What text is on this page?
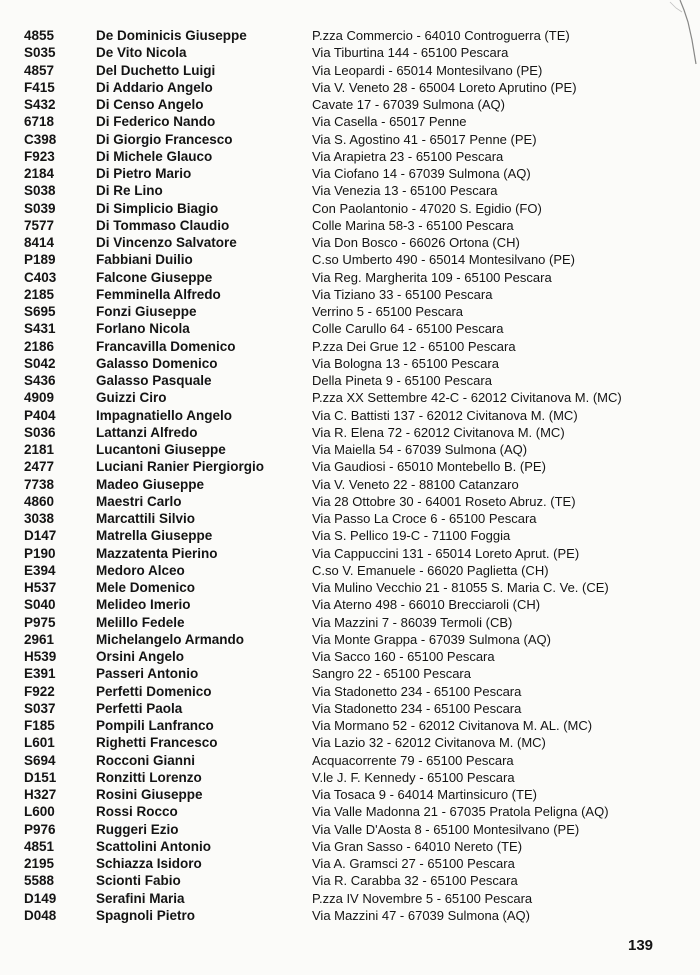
4855	De Dominicis Giuseppe	P.zza Commercio - 64010 Controguerra (TE)
S035	De Vito Nicola	Via Tiburtina 144 - 65100 Pescara
4857	Del Duchetto Luigi	Via Leopardi - 65014 Montesilvano (PE)
F415	Di Addario Angelo	Via V. Veneto 28 - 65004 Loreto Aprutino (PE)
S432	Di Censo Angelo	Cavate 17 - 67039 Sulmona (AQ)
6718	Di Federico Nando	Via Casella - 65017 Penne
C398	Di Giorgio Francesco	Via S. Agostino 41 - 65017 Penne (PE)
F923	Di Michele Glauco	Via Arapietra 23 - 65100 Pescara
2184	Di Pietro Mario	Via Ciofano 14 - 67039 Sulmona (AQ)
S038	Di Re Lino	Via Venezia 13 - 65100 Pescara
S039	Di Simplicio Biagio	Con Paolantonio - 47020 S. Egidio (FO)
7577	Di Tommaso Claudio	Colle Marina 58-3 - 65100 Pescara
8414	Di Vincenzo Salvatore	Via Don Bosco - 66026 Ortona (CH)
P189	Fabbiani Duilio	C.so Umberto 490 - 65014 Montesilvano (PE)
C403	Falcone Giuseppe	Via Reg. Margherita 109 - 65100 Pescara
2185	Femminella Alfredo	Via Tiziano 33 - 65100 Pescara
S695	Fonzi Giuseppe	Verrino 5 - 65100 Pescara
S431	Forlano Nicola	Colle Carullo 64 - 65100 Pescara
2186	Francavilla Domenico	P.zza Dei Grue 12 - 65100 Pescara
S042	Galasso Domenico	Via Bologna 13 - 65100 Pescara
S436	Galasso Pasquale	Della Pineta 9 - 65100 Pescara
4909	Guizzi Ciro	P.zza XX Settembre 42-C - 62012 Civitanova M. (MC)
P404	Impagnatiello Angelo	Via C. Battisti 137 - 62012 Civitanova M. (MC)
S036	Lattanzi Alfredo	Via R. Elena 72 - 62012 Civitanova M. (MC)
2181	Lucantoni Giuseppe	Via Maiella 54 - 67039 Sulmona (AQ)
2477	Luciani Ranier Piergiorgio	Via Gaudiosi - 65010 Montebello B. (PE)
7738	Madeo Giuseppe	Via V. Veneto 22 - 88100 Catanzaro
4860	Maestri Carlo	Via 28 Ottobre 30 - 64001 Roseto Abruz. (TE)
3038	Marcattili Silvio	Via Passo La Croce 6 - 65100 Pescara
D147	Matrella Giuseppe	Via S. Pellico 19-C - 71100 Foggia
P190	Mazzatenta Pierino	Via Cappuccini 131 - 65014 Loreto Aprut. (PE)
E394	Medoro Alceo	C.so V. Emanuele - 66020 Paglietta (CH)
H537	Mele Domenico	Via Mulino Vecchio 21 - 81055 S. Maria C. Ve. (CE)
S040	Melideo Imerio	Via Aterno 498 - 66010 Brecciaroli (CH)
P975	Melillo Fedele	Via Mazzini 7 - 86039 Termoli (CB)
2961	Michelangelo Armando	Via Monte Grappa - 67039 Sulmona (AQ)
H539	Orsini Angelo	Via Sacco 160 - 65100 Pescara
E391	Passeri Antonio	Sangro 22 - 65100 Pescara
F922	Perfetti Domenico	Via Stadonetto 234 - 65100 Pescara
S037	Perfetti Paola	Via Stadonetto 234 - 65100 Pescara
F185	Pompili Lanfranco	Via Mormano 52 - 62012 Civitanova M. AL. (MC)
L601	Righetti Francesco	Via Lazio 32 - 62012 Civitanova M. (MC)
S694	Rocconi Gianni	Acquacorrente 79 - 65100 Pescara
D151	Ronzitti Lorenzo	V.le J. F. Kennedy - 65100 Pescara
H327	Rosini Giuseppe	Via Tosaca 9 - 64014 Martinsicuro (TE)
L600	Rossi Rocco	Via Valle Madonna 21 - 67035 Pratola Peligna (AQ)
P976	Ruggeri Ezio	Via Valle D'Aosta 8 - 65100 Montesilvano (PE)
4851	Scattolini Antonio	Via Gran Sasso - 64010 Nereto (TE)
2195	Schiazza Isidoro	Via A. Gramsci 27 - 65100 Pescara
5588	Scionti Fabio	Via R. Carabba 32 - 65100 Pescara
D149	Serafini Maria	P.zza IV Novembre 5 - 65100 Pescara
D048	Spagnoli Pietro	Via Mazzini 47 - 67039 Sulmona (AQ)
139
